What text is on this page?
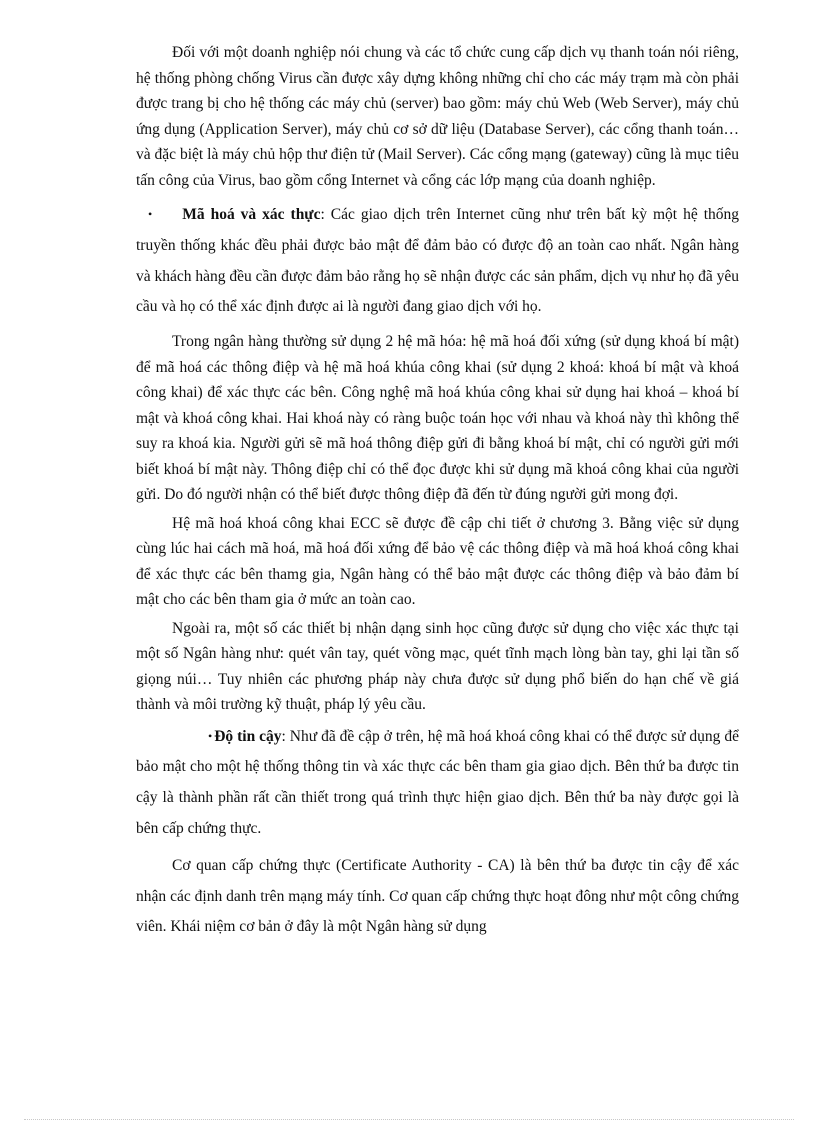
Đối với một doanh nghiệp nói chung và các tổ chức cung cấp dịch vụ thanh toán nói riêng, hệ thống phòng chống Virus cần được xây dựng không những chỉ cho các máy trạm mà còn phải được trang bị cho hệ thống các máy chủ (server) bao gồm: máy chủ Web (Web Server), máy chủ ứng dụng (Application Server), máy chủ cơ sở dữ liệu (Database Server), các cổng thanh toán… và đặc biệt là máy chủ hộp thư điện tử (Mail Server). Các cổng mạng (gateway) cũng là mục tiêu tấn công của Virus, bao gồm cổng Internet và cổng các lớp mạng của doanh nghiệp.

• Mã hoá và xác thực: Các giao dịch trên Internet cũng như trên bất kỳ một hệ thống truyền thống khác đều phải được bảo mật để đảm bảo có được độ an toàn cao nhất. Ngân hàng và khách hàng đều cần được đảm bảo rằng họ sẽ nhận được các sản phẩm, dịch vụ như họ đã yêu cầu và họ có thể xác định được ai là người đang giao dịch với họ.

Trong ngân hàng thường sử dụng 2 hệ mã hóa: hệ mã hoá đối xứng (sử dụng khoá bí mật) để mã hoá các thông điệp và hệ mã hoá khúa công khai (sử dụng 2 khoá: khoá bí mật và khoá công khai) để xác thực các bên. Công nghệ mã hoá khúa công khai sử dụng hai khoá – khoá bí mật và khoá công khai. Hai khoá này có ràng buộc toán học với nhau và khoá này thì không thể suy ra khoá kia. Người gửi sẽ mã hoá thông điệp gửi đi bằng khoá bí mật, chỉ có người gửi mới biết khoá bí mật này. Thông điệp chỉ có thể đọc được khi sử dụng mã khoá công khai của người gửi. Do đó người nhận có thể biết được thông điệp đã đến từ đúng người gửi mong đợi.

Hệ mã hoá khoá công khai ECC sẽ được đề cập chi tiết ở chương 3. Bằng việc sử dụng cùng lúc hai cách mã hoá, mã hoá đối xứng để bảo vệ các thông điệp và mã hoá khoá công khai để xác thực các bên thamg gia, Ngân hàng có thể bảo mật được các thông điệp và bảo đảm bí mật cho các bên tham gia ở mức an toàn cao.

Ngoài ra, một số các thiết bị nhận dạng sinh học cũng được sử dụng cho việc xác thực tại một số Ngân hàng như: quét vân tay, quét võng mạc, quét tĩnh mạch lòng bàn tay, ghi lại tần số giọng núi… Tuy nhiên các phương pháp này chưa được sử dụng phổ biến do hạn chế về giá thành và môi trường kỹ thuật, pháp lý yêu cầu.

• Độ tin cậy: Như đã đề cập ở trên, hệ mã hoá khoá công khai có thể được sử dụng để bảo mật cho một hệ thống thông tin và xác thực các bên tham gia giao dịch. Bên thứ ba được tin cậy là thành phần rất cần thiết trong quá trình thực hiện giao dịch. Bên thứ ba này được gọi là bên cấp chứng thực.

Cơ quan cấp chứng thực (Certificate Authority - CA) là bên thứ ba được tin cậy để xác nhận các định danh trên mạng máy tính. Cơ quan cấp chứng thực hoạt đông như một công chứng viên. Khái niệm cơ bản ở đây là một Ngân hàng sử dụng
